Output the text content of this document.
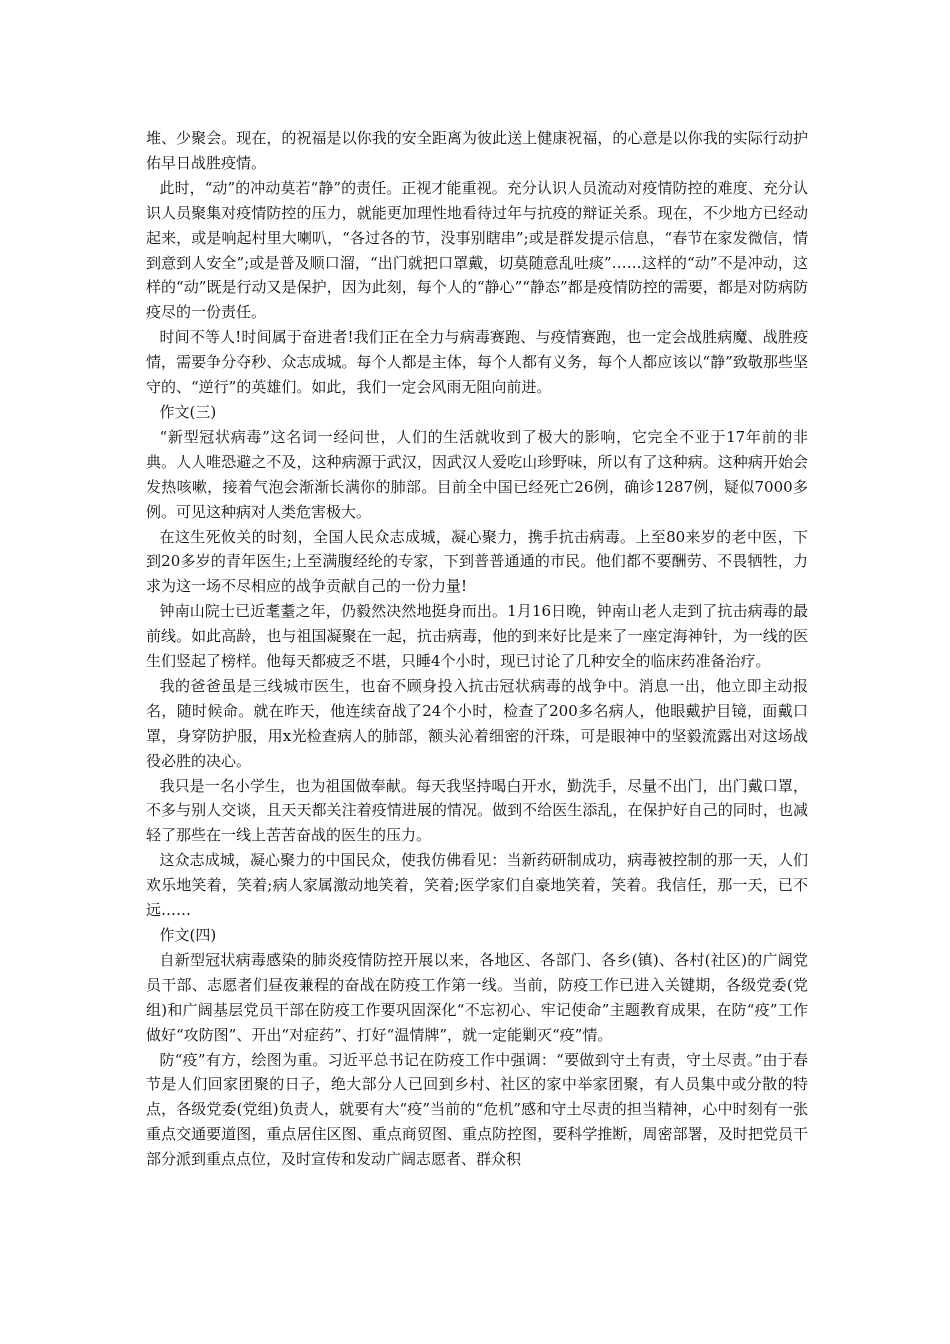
堆、少聚会。现在，的祝福是以你我的安全距离为彼此送上健康祝福，的心意是以你我的实际行动护佑早日战胜疫情。

此时，“动”的冲动莫若“静”的责任。正视才能重视。充分认识人员流动对疫情防控的难度、充分认识人员聚集对疫情防控的压力，就能更加理性地看待过年与抗疫的辩证关系。现在，不少地方已经动起来，或是响起村里大喇叭，“各过各的节，没事别瞎串”;或是群发提示信息，“春节在家发微信，情到意到人安全”;或是普及顺口溜，“出门就把口罩戴，切莫随意乱吐痰”……这样的“动”不是冲动，这样的“动”既是行动又是保护，因为此刻，每个人的“静心”“静态”都是疫情防控的需要，都是对防病防疫尽的一份责任。

时间不等人!时间属于奋进者!我们正在全力与病毒赛跑、与疫情赛跑，也一定会战胜病魔、战胜疫情，需要争分夺秒、众志成城。每个人都是主体，每个人都有义务，每个人都应该以“静”致敬那些坚守的、“逆行”的英雄们。如此，我们一定会风雨无阻向前进。

作文(三)

“新型冠状病毒”这名词一经问世，人们的生活就收到了极大的影响，它完全不亚于17年前的非典。人人唯恐避之不及，这种病源于武汉，因武汉人爱吃山珍野味，所以有了这种病。这种病开始会发热咳嗽，接着气泡会渐渐长满你的肺部。目前全中国已经死亡26例，确诊1287例，疑似7000多例。可见这种病对人类危害极大。

在这生死攸关的时刻，全国人民众志成城，凝心聚力，携手抗击病毒。上至80来岁的老中医，下到20多岁的青年医生;上至满腹经纶的专家，下到普普通通的市民。他们都不要酬劳、不畏牺牲，力求为这一场不尽相应的战争贡献自己的一份力量!

钟南山院士已近耄耋之年，仍毅然决然地挺身而出。1月16日晚，钟南山老人走到了抗击病毒的最前线。如此高龄，也与祖国凝聚在一起，抗击病毒，他的到来好比是来了一座定海神针，为一线的医生们竖起了榜样。他每天都疲乏不堪，只睡4个小时，现已讨论了几种安全的临床药准备治疗。

我的爸爸虽是三线城市医生，也奋不顾身投入抗击冠状病毒的战争中。消息一出，他立即主动报名，随时候命。就在昨天，他连续奋战了24个小时，检查了200多名病人，他眼戴护目镜，面戴口罩，身穿防护服，用x光检查病人的肺部，额头沁着细密的汗珠，可是眼神中的坚毅流露出对这场战役必胜的决心。

我只是一名小学生，也为祖国做奉献。每天我坚持喝白开水，勤洗手，尽量不出门，出门戴口罩，不多与别人交谈，且天天都关注着疫情进展的情况。做到不给医生添乱，在保护好自己的同时，也减轻了那些在一线上苦苦奋战的医生的压力。

这众志成城，凝心聚力的中国民众，使我仿佛看见：当新药研制成功，病毒被控制的那一天，人们欢乐地笑着，笑着;病人家属激动地笑着，笑着;医学家们自豪地笑着，笑着。我信任，那一天，已不远……

作文(四)

自新型冠状病毒感染的肺炎疫情防控开展以来，各地区、各部门、各乡(镇)、各村(社区)的广阔党员干部、志愿者们昼夜兼程的奋战在防疫工作第一线。当前，防疫工作已进入关键期，各级党委(党组)和广阔基层党员干部在防疫工作要巩固深化“不忘初心、牢记使命”主题教育成果，在防“疫”工作做好“攻防图”、开出“对症药”、打好“温情牌”，就一定能剿灭“疫”情。

防“疫”有方，绘图为重。习近平总书记在防疫工作中强调：“要做到守土有责，守土尽责。”由于春节是人们回家团聚的日子，绝大部分人已回到乡村、社区的家中举家团聚，有人员集中或分散的特点，各级党委(党组)负责人，就要有大“疫”当前的“危机”感和守土尽责的担当精神，心中时刻有一张重点交通要道图，重点居住区图、重点商贸图、重点防控图，要科学推断，周密部署，及时把党员干部分派到重点点位，及时宣传和发动广阔志愿者、群众积
